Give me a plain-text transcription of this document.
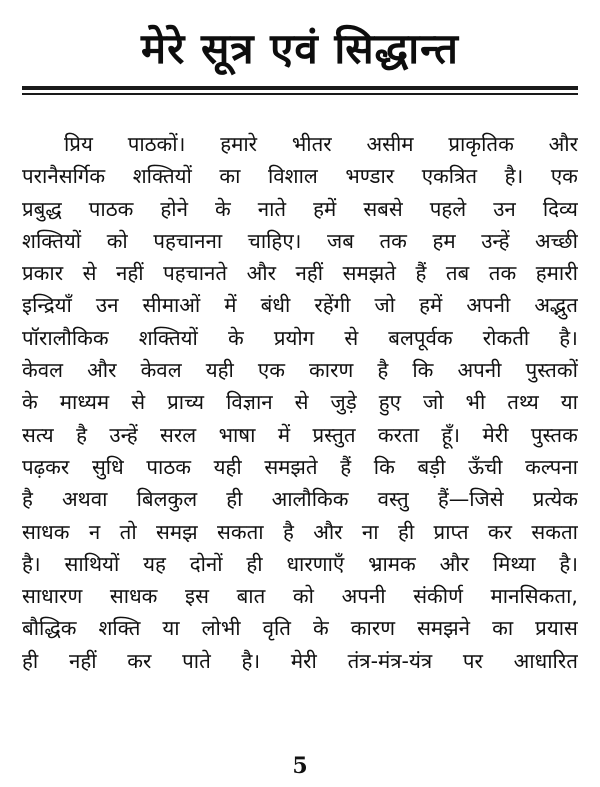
मेरे सूत्र एवं सिद्धान्त
प्रिय पाठकों। हमारे भीतर असीम प्राकृतिक और
परानैसर्गिक शक्तियों का विशाल भण्डार एकत्रित है। एक
प्रबुद्ध पाठक होने के नाते हमें सबसे पहले उन दिव्य
शक्तियों को पहचानना चाहिए। जब तक हम उन्हें अच्छी
प्रकार से नहीं पहचानते और नहीं समझते हैं तब तक हमारी
इन्द्रियाँ उन सीमाओं में बंधी रहेंगी जो हमें अपनी अद्भुत
पॉरालौकिक शक्तियों के प्रयोग से बलपूर्वक रोकती है।
केवल और केवल यही एक कारण है कि अपनी पुस्तकों
के माध्यम से प्राच्य विज्ञान से जुड़े हुए जो भी तथ्य या
सत्य है उन्हें सरल भाषा में प्रस्तुत करता हूँ। मेरी पुस्तक
पढ़कर सुधि पाठक यही समझते हैं कि बड़ी ऊँची कल्पना
है अथवा बिलकुल ही आलौकिक वस्तु हैं—जिसे प्रत्येक
साधक न तो समझ सकता है और ना ही प्राप्त कर सकता
है। साथियों यह दोनों ही धारणाएँ भ्रामक और मिथ्या है।
साधारण साधक इस बात को अपनी संकीर्ण मानसिकता,
बौद्धिक शक्ति या लोभी वृति के कारण समझने का प्रयास
ही नहीं कर पाते है। मेरी तंत्र-मंत्र-यंत्र पर आधारित
5
